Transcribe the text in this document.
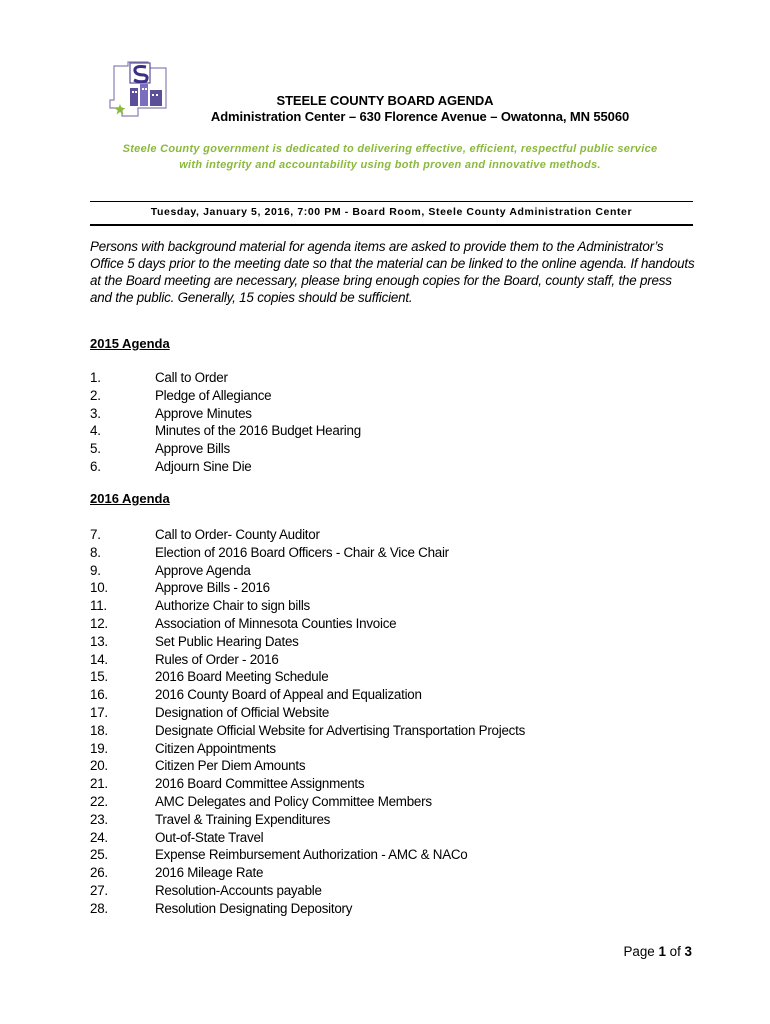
STEELE COUNTY BOARD AGENDA
Administration Center – 630 Florence Avenue – Owatonna, MN 55060
Steele County government is dedicated to delivering effective, efficient, respectful public service
with integrity and accountability using both proven and innovative methods.
Tuesday, January 5, 2016, 7:00 PM - Board Room, Steele County Administration Center
Persons with background material for agenda items are asked to provide them to the Administrator’s Office 5 days prior to the meeting date so that the material can be linked to the online agenda. If handouts at the Board meeting are necessary, please bring enough copies for the Board, county staff, the press and the public. Generally, 15 copies should be sufficient.
2015 Agenda
1.	Call to Order
2.	Pledge of Allegiance
3.	Approve Minutes
4.	Minutes of the 2016 Budget Hearing
5.	Approve Bills
6.	Adjourn Sine Die
2016 Agenda
7.	Call to Order- County Auditor
8.	Election of 2016 Board Officers - Chair & Vice Chair
9.	Approve Agenda
10.	Approve Bills - 2016
11.	Authorize Chair to sign bills
12.	Association of Minnesota Counties Invoice
13.	Set Public Hearing Dates
14.	Rules of Order - 2016
15.	2016 Board Meeting Schedule
16.	2016 County Board of Appeal and Equalization
17.	Designation of Official Website
18.	Designate Official Website for Advertising Transportation Projects
19.	Citizen Appointments
20.	Citizen Per Diem Amounts
21.	2016 Board Committee Assignments
22.	AMC Delegates and Policy Committee Members
23.	Travel & Training Expenditures
24.	Out-of-State Travel
25.	Expense Reimbursement Authorization - AMC & NACo
26.	2016 Mileage Rate
27.	Resolution-Accounts payable
28.	Resolution Designating Depository
Page 1 of 3
